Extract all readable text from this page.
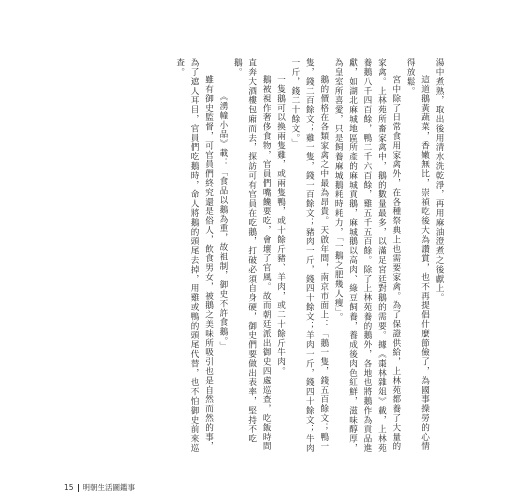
湯中煮熟，取出後用清水洗乾淨，再用麻油澄煮之後獻上。

這道鵝黃蔬菜，香嫩無比，崇禎吃後大為讚賞，也不再提倡什麼節儉了，為國事操勞的心情得放鬆。

宮中除了日常食用家禽外，在各種祭典上也需要家禽。為了保證供給，上林苑都養了大量的家禽。上林苑所畜家禽中，鵝的數量最多，以滿足宮廷對鵝的需要。據《棗林雜俎》載，上林苑養鵝八千四百餘，鴨二千六百餘，雞五千五百餘。除了上林苑養的鵝外，各地也將鵝作為貢品進獻，如湖北麻城地區所產的麻城貢鵝，麻城鵝以高肉、綠豆飼養，養成後肉色紅鮮，滋味醇厚，為皇室所喜愛，只是飼養麻城鵝耗時耗力，「一鵝之肥幾人瘦」。

鵝的價格在各類家禽之中最為昂貴。天啟年間，南京市面上：「鵝一隻，錢五百餘文；鴨一隻，錢二百餘文；雞一隻，錢一百餘文；豬肉一斤，錢四十餘文；羊肉一斤，錢四十餘文；牛肉一斤，錢二十餘文。」

一隻鵝可以換兩隻雞，或兩隻鴨，或十餘斤豬、羊肉，或二十餘斤牛肉。

鵝被視作奢侈食物，官員們嘴饞要吃，會壞了官風。故而朝廷派出御史四處巡查，吃飯時間直奔大酒樓包廂而去，探訪可有官員在吃鵝，打破必須自身硬，御史們要做出表率，堅持不吃鵝。

《湧幢小品》載：「食品以鵝為重，故祖制，御史不許食鵝。」

雖有御史監督，可官員們終究還是俗人，飲食男女，被鵝之美味所吸引也是自然而然的事，為了遮人耳目，官員們吃鵝時，命人將鵝的頭尾去掉，用雞或鴨的頭尾代替，也不怕御史前來巡查。

15 明朝生活圖鑑事
